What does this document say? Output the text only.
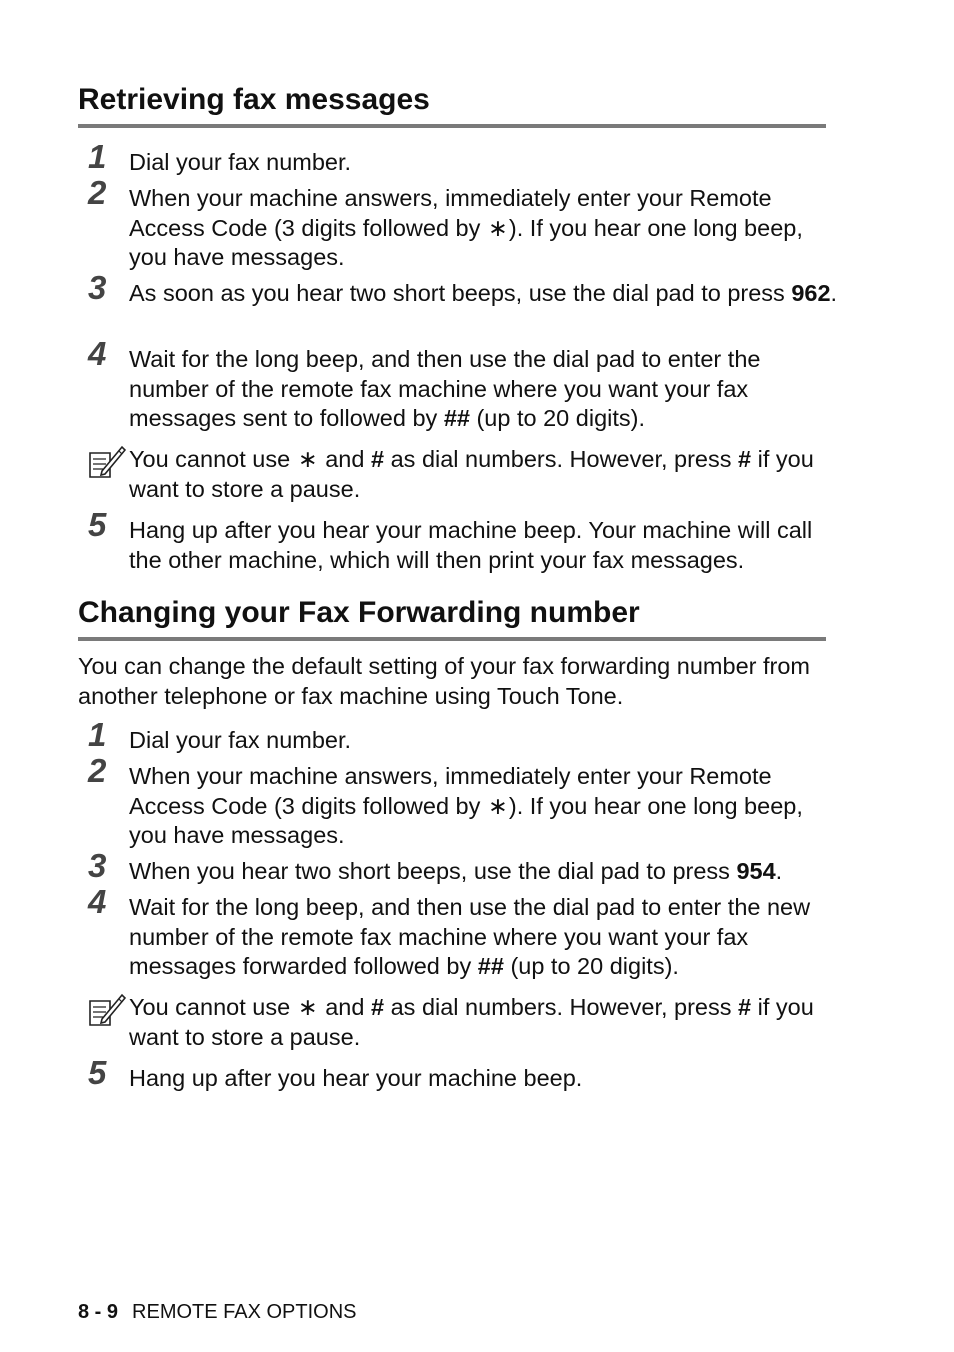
Retrieving fax messages
1 Dial your fax number.
2 When your machine answers, immediately enter your Remote Access Code (3 digits followed by ∗). If you hear one long beep, you have messages.
3 As soon as you hear two short beeps, use the dial pad to press 962.
4 Wait for the long beep, and then use the dial pad to enter the number of the remote fax machine where you want your fax messages sent to followed by ## (up to 20 digits).
You cannot use ∗ and # as dial numbers. However, press # if you want to store a pause.
5 Hang up after you hear your machine beep. Your machine will call the other machine, which will then print your fax messages.
Changing your Fax Forwarding number
You can change the default setting of your fax forwarding number from another telephone or fax machine using Touch Tone.
1 Dial your fax number.
2 When your machine answers, immediately enter your Remote Access Code (3 digits followed by ∗). If you hear one long beep, you have messages.
3 When you hear two short beeps, use the dial pad to press 954.
4 Wait for the long beep, and then use the dial pad to enter the new number of the remote fax machine where you want your fax messages forwarded followed by ## (up to 20 digits).
You cannot use ∗ and # as dial numbers. However, press # if you want to store a pause.
5 Hang up after you hear your machine beep.
8 - 9 REMOTE FAX OPTIONS
